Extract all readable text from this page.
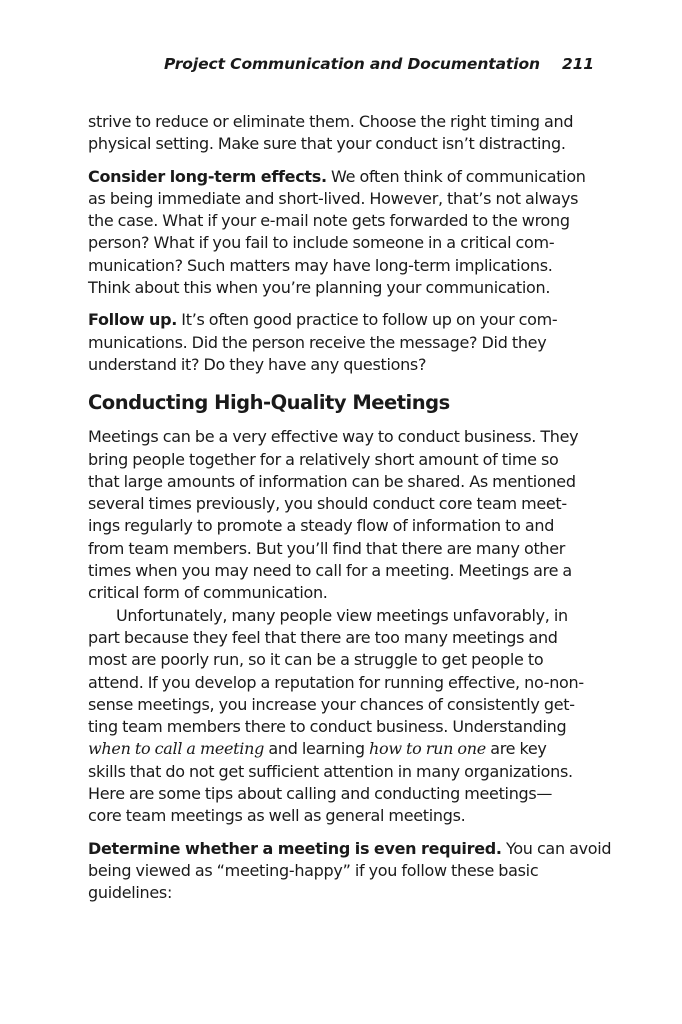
Project Communication and Documentation 211
strive to reduce or eliminate them. Choose the right timing and
physical setting. Make sure that your conduct isn’t distracting.
Consider long-term effects. We often think of communication
as being immediate and short-lived. However, that’s not always
the case. What if your e-mail note gets forwarded to the wrong
person? What if you fail to include someone in a critical com-
munication? Such matters may have long-term implications.
Think about this when you’re planning your communication.
Follow up. It’s often good practice to follow up on your com-
munications. Did the person receive the message? Did they
understand it? Do they have any questions?
Conducting High-Quality Meetings
Meetings can be a very effective way to conduct business. They
bring people together for a relatively short amount of time so
that large amounts of information can be shared. As mentioned
several times previously, you should conduct core team meet-
ings regularly to promote a steady flow of information to and
from team members. But you’ll find that there are many other
times when you may need to call for a meeting. Meetings are a
critical form of communication.
Unfortunately, many people view meetings unfavorably, in
part because they feel that there are too many meetings and
most are poorly run, so it can be a struggle to get people to
attend. If you develop a reputation for running effective, no-non-
sense meetings, you increase your chances of consistently get-
ting team members there to conduct business. Understanding
when to call a meeting and learning how to run one are key
skills that do not get sufficient attention in many organizations.
Here are some tips about calling and conducting meetings—
core team meetings as well as general meetings.
Determine whether a meeting is even required. You can avoid
being viewed as “meeting-happy” if you follow these basic
guidelines:
